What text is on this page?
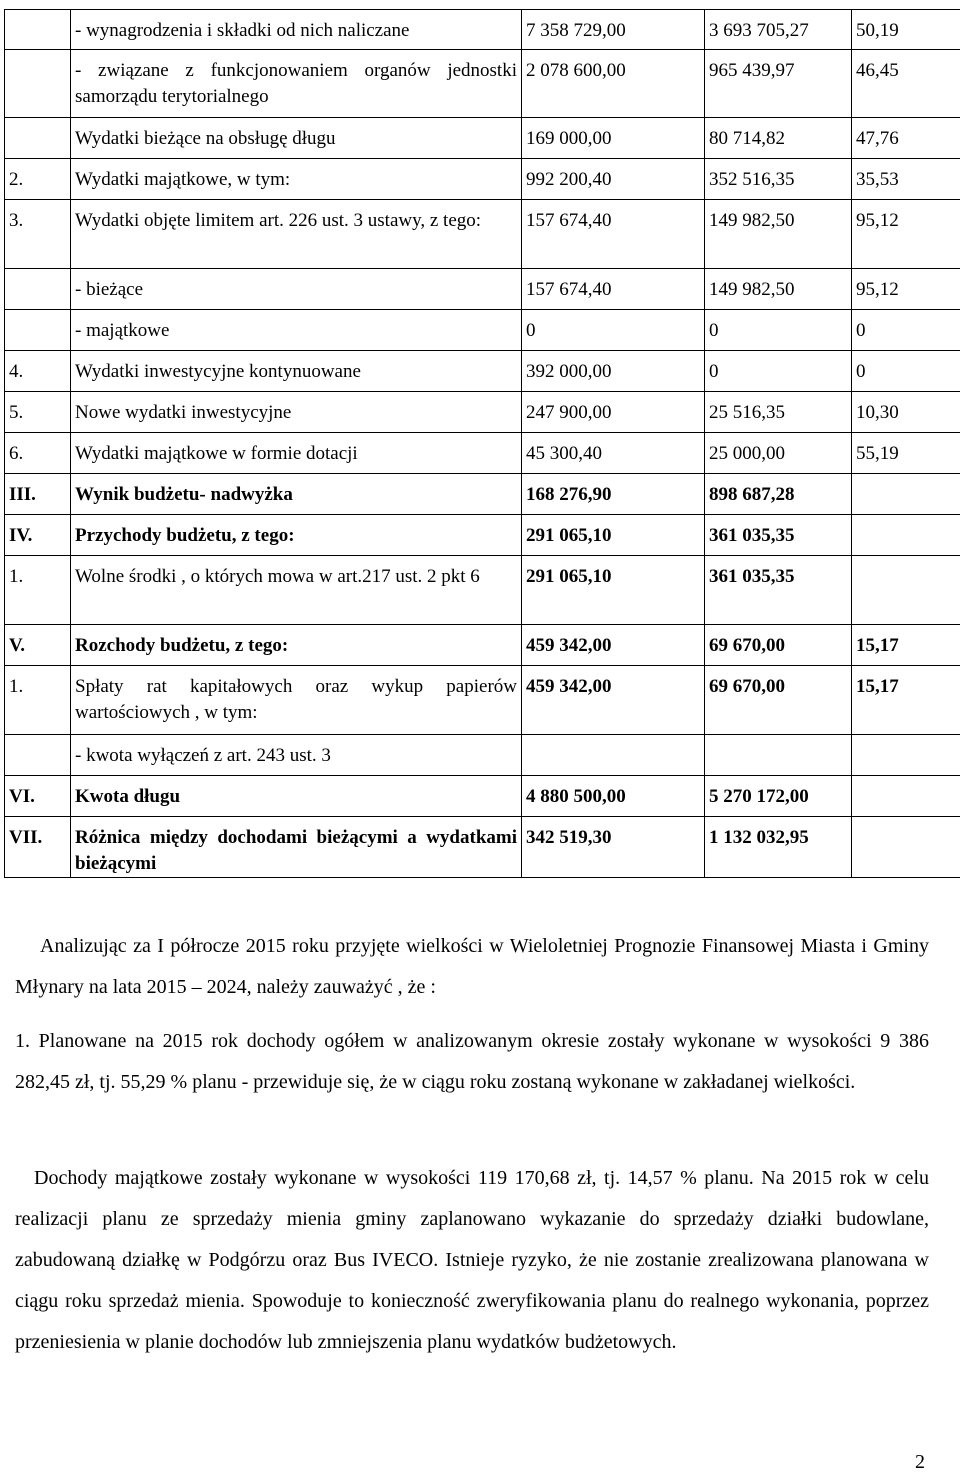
	- wynagrodzenia i składki od nich naliczane	7 358 729,00	3 693 705,27	50,19

	- związane z funkcjonowaniem organów jednostki samorządu terytorialnego	2 078 600,00	965 439,97	46,45

	Wydatki bieżące na obsługę długu	169 000,00	80 714,82	47,76

2.	Wydatki majątkowe, w tym:	992 200,40	352 516,35	35,53

3.	Wydatki objęte limitem art. 226 ust. 3 ustawy, z tego:	157 674,40	149 982,50	95,12

	- bieżące	157 674,40	149 982,50	95,12

	- majątkowe	0	0	0

4.	Wydatki inwestycyjne kontynuowane	392 000,00	0	0

5.	Nowe wydatki inwestycyjne	247 900,00	25 516,35	10,30

6.	Wydatki majątkowe w formie dotacji	45 300,40	25 000,00	55,19

III.	Wynik budżetu- nadwyżka	168 276,90	898 687,28	

IV.	Przychody budżetu, z tego:	291 065,10	361 035,35	

1.	Wolne środki , o których mowa w art.217 ust. 2 pkt 6	291 065,10	361 035,35	

V.	Rozchody budżetu, z tego:	459 342,00	69 670,00	15,17

1.	Spłaty rat kapitałowych oraz wykup papierów wartościowych , w tym:	459 342,00	69 670,00	15,17

	- kwota wyłączeń z art. 243 ust. 3			

VI.	Kwota długu	4 880 500,00	5 270 172,00	

VII.	Różnica między dochodami bieżącymi a wydatkami bieżącymi	342 519,30	1 132 032,95	

Analizując za I półrocze 2015 roku przyjęte wielkości w Wieloletniej Prognozie Finansowej Miasta i Gminy Młynary na lata 2015 – 2024, należy zauważyć , że :

1. Planowane na 2015 rok dochody ogółem w analizowanym okresie zostały wykonane w wysokości 9 386 282,45 zł, tj. 55,29 % planu - przewiduje się, że w ciągu roku zostaną wykonane w zakładanej wielkości.

Dochody majątkowe zostały wykonane w wysokości 119 170,68 zł, tj. 14,57 % planu. Na 2015 rok w celu realizacji planu ze sprzedaży mienia gminy zaplanowano wykazanie do sprzedaży działki budowlane, zabudowaną działkę w Podgórzu oraz Bus IVECO. Istnieje ryzyko, że nie zostanie zrealizowana planowana w ciągu roku sprzedaż mienia. Spowoduje to konieczność zweryfikowania planu do realnego wykonania, poprzez przeniesienia w planie dochodów lub zmniejszenia planu wydatków budżetowych.

2
